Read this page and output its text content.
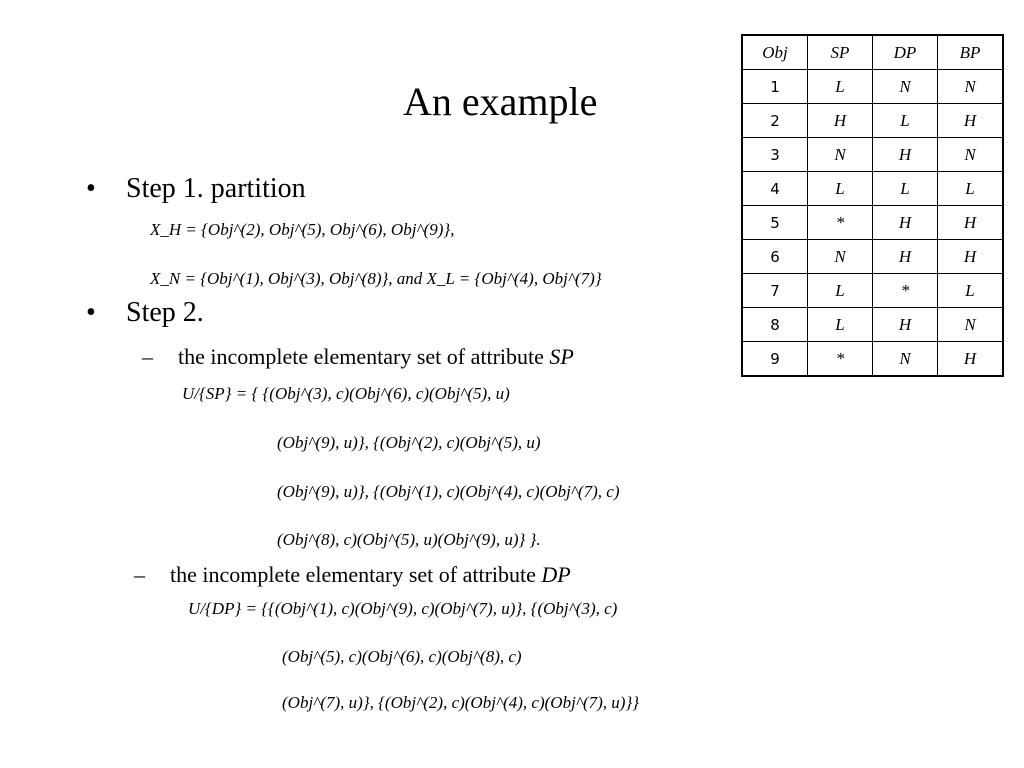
An example
• Step 1. partition
X_H = {Obj^(2), Obj^(5), Obj^(6), Obj^(9)},
X_N = {Obj^(1), Obj^(3), Obj^(8)}, and X_L = {Obj^(4), Obj^(7)}
• Step 2.
– the incomplete elementary set of attribute SP
U/{SP} = { {(Obj^(3), c)(Obj^(6), c)(Obj^(5), u)
(Obj^(9), u)}, {(Obj^(2), c)(Obj^(5), u)
(Obj^(9), u)}, {(Obj^(1), c)(Obj^(4), c)(Obj^(7), c)
(Obj^(8), c)(Obj^(5), u)(Obj^(9), u)} }.
– the incomplete elementary set of attribute DP
U/{DP} = {{(Obj^(1), c)(Obj^(9), c)(Obj^(7), u)}, {(Obj^(3), c)
(Obj^(5), c)(Obj^(6), c)(Obj^(8), c)
(Obj^(7), u)}, {(Obj^(2), c)(Obj^(4), c)(Obj^(7), u)}}
Obj	SP	DP	BP
1	L	N	N
2	H	L	H
3	N	H	N
4	L	L	L
5	*	H	H
6	N	H	H
7	L	*	L
8	L	H	N
9	*	N	H
